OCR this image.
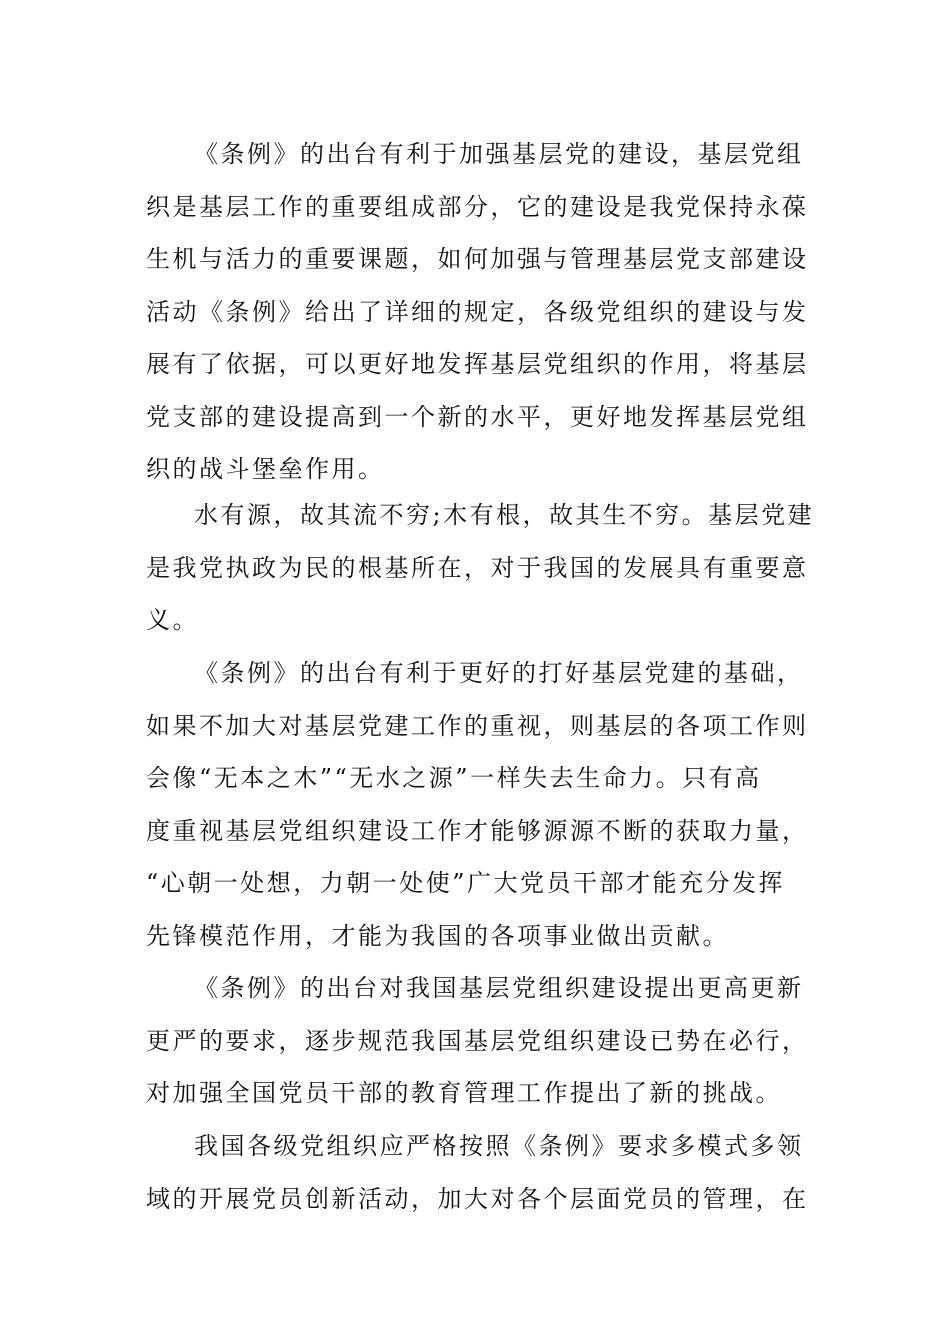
《条例》的出台有利于加强基层党的建设，基层党组
织是基层工作的重要组成部分，它的建设是我党保持永葆
生机与活力的重要课题，如何加强与管理基层党支部建设
活动《条例》给出了详细的规定，各级党组织的建设与发
展有了依据，可以更好地发挥基层党组织的作用，将基层
党支部的建设提高到一个新的水平，更好地发挥基层党组
织的战斗堡垒作用。
水有源，故其流不穷;木有根，故其生不穷。基层党建
是我党执政为民的根基所在，对于我国的发展具有重要意
义。
《条例》的出台有利于更好的打好基层党建的基础，
如果不加大对基层党建工作的重视，则基层的各项工作则
会像“无本之木”“无水之源”一样失去生命力。只有高
度重视基层党组织建设工作才能够源源不断的获取力量，
“心朝一处想，力朝一处使”广大党员干部才能充分发挥
先锋模范作用，才能为我国的各项事业做出贡献。
《条例》的出台对我国基层党组织建设提出更高更新
更严的要求，逐步规范我国基层党组织建设已势在必行，
对加强全国党员干部的教育管理工作提出了新的挑战。
我国各级党组织应严格按照《条例》要求多模式多领
域的开展党员创新活动，加大对各个层面党员的管理，在
